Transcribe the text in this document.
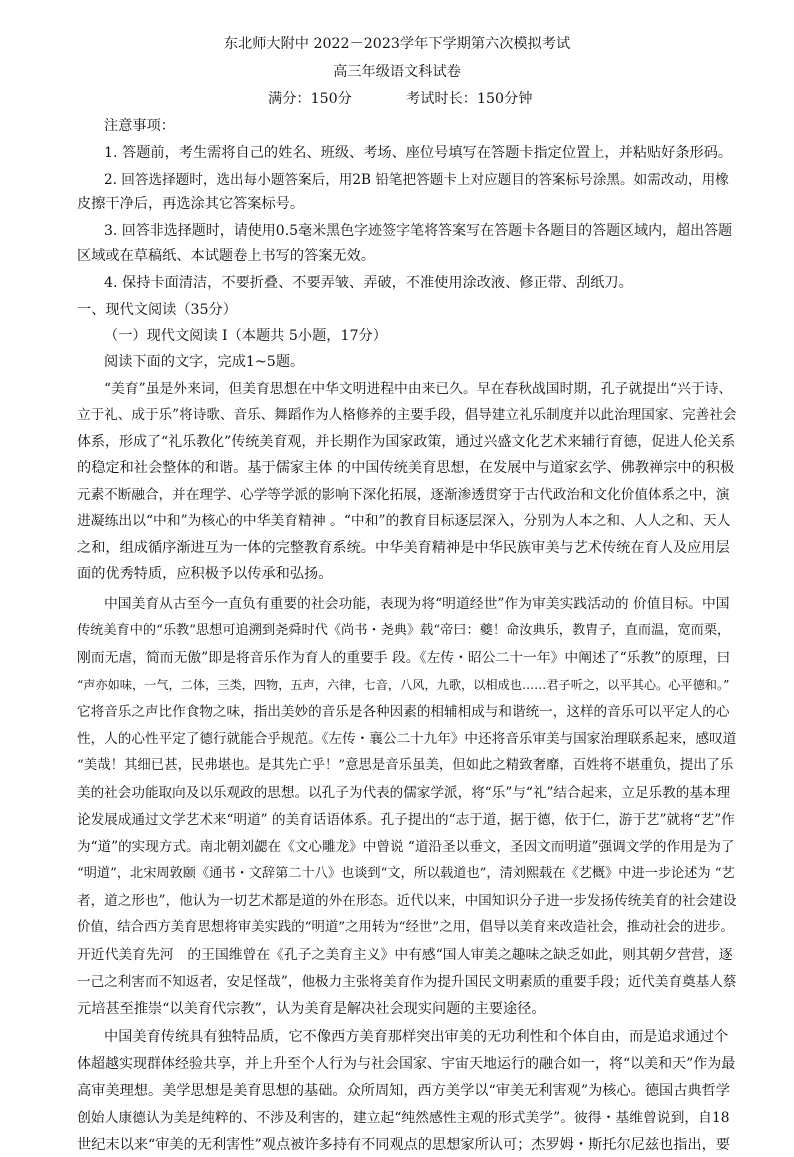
东北师大附中 2022－2023学年下学期第六次模拟考试

高三年级语文科试卷

满分：150分	考试时长：150分钟

注意事项：

1. 答题前，考生需将自己的姓名、班级、考场、座位号填写在答题卡指定位置上，并粘贴好条形码。

2. 回答选择题时，选出每小题答案后，用2B 铅笔把答题卡上对应题目的答案标号涂黑。如需改动，用橡

皮擦干净后，再选涂其它答案标号。

3. 回答非选择题时，请使用0.5毫米黑色字迹签字笔将答案写在答题卡各题目的答题区域内，超出答题

区域或在草稿纸、本试题卷上书写的答案无效。

4. 保持卡面清洁，不要折叠、不要弄皱、弄破，不准使用涂改液、修正带、刮纸刀。

一、现代文阅读（35分）

（一）现代文阅读 Ⅰ（本题共 5小题，17分）

阅读下面的文字，完成1~5题。

“美育”虽是外来词，但美育思想在中华文明进程中由来已久。早在春秋战国时期，孔子就提出“兴于诗、

立于礼、成于乐”将诗歌、音乐、舞蹈作为人格修养的主要手段，倡导建立礼乐制度并以此治理国家、完善社会

体系，形成了“礼乐教化”传统美育观，并长期作为国家政策，通过兴盛文化艺术来辅行育德，促进人伦关系

的稳定和社会整体的和谐。基于儒家主体 的中国传统美育思想，在发展中与道家玄学、佛教禅宗中的积极

元素不断融合，并在理学、心学等学派的影响下深化拓展，逐渐渗透贯穿于古代政治和文化价值体系之中，演

进凝练出以“中和”为核心的中华美育精神 。“中和”的教育目标逐层深入，分别为人本之和、人人之和、天人

之和，组成循序渐进互为一体的完整教育系统。中华美育精神是中华民族审美与艺术传统在育人及应用层

面的优秀特质，应积极予以传承和弘扬。

中国美育从古至今一直负有重要的社会功能，表现为将“明道经世”作为审美实践活动的 价值目标。中国

传统美育中的“乐教”思想可追溯到尧舜时代《尚书・尧典》载“帝曰：夔！命汝典乐，教胄子，直而温，宽而栗，

刚而无虐，简而无傲”即是将音乐作为育人的重要手 段。《左传・昭公二十一年》中阐述了“乐教”的原理，曰

“声亦如味，一气，二体，三类，四物，五声，六律，七音，八风，九歌，以相成也……君子听之，以平其心。心平德和。”

它将音乐之声比作食物之味，指出美妙的音乐是各种因素的相辅相成与和谐统一，这样的音乐可以平定人的心

性，人的心性平定了德行就能合乎规范。《左传・襄公二十九年》中还将音乐审美与国家治理联系起来，感叹道

“美哉！其细已甚，民弗堪也。是其先亡乎！”意思是音乐虽美，但如此之精致奢靡，百姓将不堪重负，提出了乐

美的社会功能取向及以乐观政的思想。以孔子为代表的儒家学派，将“乐”与“礼”结合起来，立足乐教的基本理

论发展成通过文学艺术来“明道” 的美育话语体系。孔子提出的“志于道，据于德，依于仁，游于艺”就将“艺”作

为“道”的实现方式。南北朝刘勰在《文心雕龙》中曾说 “道沿圣以垂文，圣因文而明道”强调文学的作用是为了

“明道”，北宋周敦颐《通书・文辞第二十八》也谈到“文，所以载道也”，清刘熙载在《艺概》中进一步论述为 “艺

者，道之形也”，他认为一切艺术都是道的外在形态。近代以来，中国知识分子进一步发扬传统美育的社会建设

价值，结合西方美育思想将审美实践的“明道”之用转为“经世”之用，倡导以美育来改造社会，推动社会的进步。

开近代美育先河　的王国维曾在《孔子之美育主义》中有感“国人审美之趣味之缺乏如此，则其朝夕营营，逐

一己之利害而不知返者，安足怪哉”，他极力主张将美育作为提升国民文明素质的重要手段；近代美育奠基人蔡

元培甚至推崇“以美育代宗教”，认为美育是解决社会现实问题的主要途径。

中国美育传统具有独特品质，它不像西方美育那样突出审美的无功利性和个体自由，而是追求通过个

体超越实现群体经验共享，并上升至个人行为与社会国家、宇宙天地运行的融合如一，将“以美和天”作为最

高审美理想。美学思想是美育思想的基础。众所周知，西方美学以“审美无利害观”为核心。德国古典哲学

创始人康德认为美是纯粹的、不涉及利害的，建立起“纯然感性主观的形式美学”。彼得・基维曾说到，自18

世纪末以来“审美的无利害性”观点被许多持有不同观点的思想家所认可；杰罗姆・斯托尔尼兹也指出，要
